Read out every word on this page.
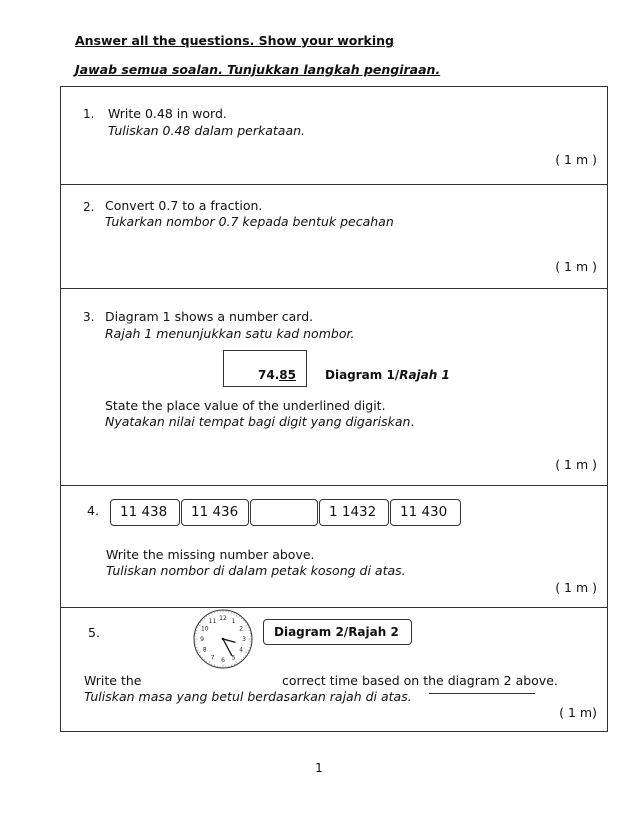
Answer all the questions. Show your working
Jawab semua soalan. Tunjukkan langkah pengiraan.
1. Write 0.48 in word.
Tuliskan 0.48 dalam perkataan.
( 1 m )
2. Convert 0.7 to a fraction.
Tukarkan nombor 0.7 kepada bentuk pecahan
( 1 m )
3. Diagram 1 shows a number card.
Rajah 1 menunjukkan satu kad nombor.
74.85 Diagram 1/Rajah 1
State the place value of the underlined digit.
Nyatakan nilai tempat bagi digit yang digariskan.
( 1 m )
4.	11 438	11 436	1 1432	11 430
Write the missing number above.
Tuliskan nombor di dalam petak kosong di atas.
( 1 m )
5.
12 1
2
3
4
5
6
7
8
9
10
11
Diagram 2/Rajah 2
Write the	correct time based on the diagram 2 above.
Tuliskan masa yang betul berdasarkan rajah di atas.
( 1 m)
1
